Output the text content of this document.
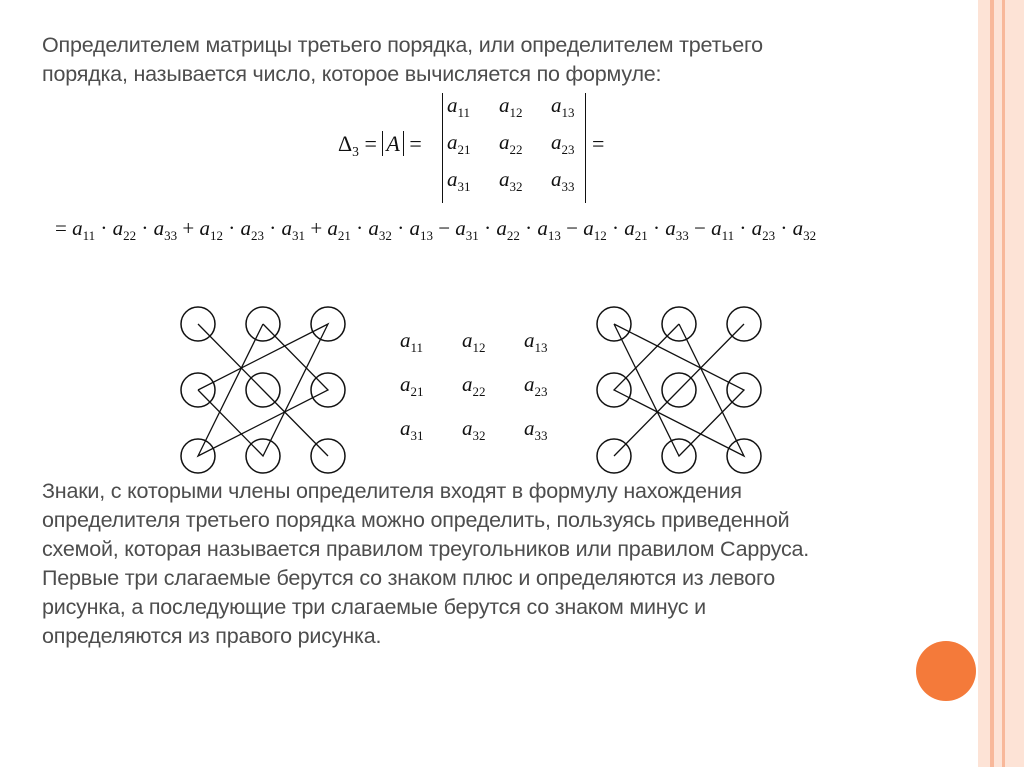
Определителем матрицы третьего порядка, или определителем третьего
порядка, называется число, которое вычисляется по формуле:
$\Delta_3 = A$ =
$a_{11}$ $a_{12}$ $a_{13}$
$a_{21}$ $a_{22}$ $a_{23}$
$a_{31}$ $a_{32}$ $a_{33}$
=
= $a_{11} \cdot a_{22} \cdot a_{33} + a_{12} \cdot a_{23} \cdot a_{31} + a_{21} \cdot a_{32} \cdot a_{13} - a_{31} \cdot a_{22} \cdot a_{13} - a_{12} \cdot a_{21} \cdot a_{33} - a_{11} \cdot a_{23} \cdot a_{32}$
$a_{11}$ $a_{12}$ $a_{13}$
$a_{21}$ $a_{22}$ $a_{23}$
$a_{31}$ $a_{32}$ $a_{33}$
Знаки, с которыми члены определителя входят в формулу нахождения
определителя третьего порядка можно определить, пользуясь приведенной
схемой, которая называется правилом треугольников или правилом Сарруса.
Первые три слагаемые берутся со знаком плюс и определяются из левого
рисунка, а последующие три слагаемые берутся со знаком минус и
определяются из правого рисунка.
